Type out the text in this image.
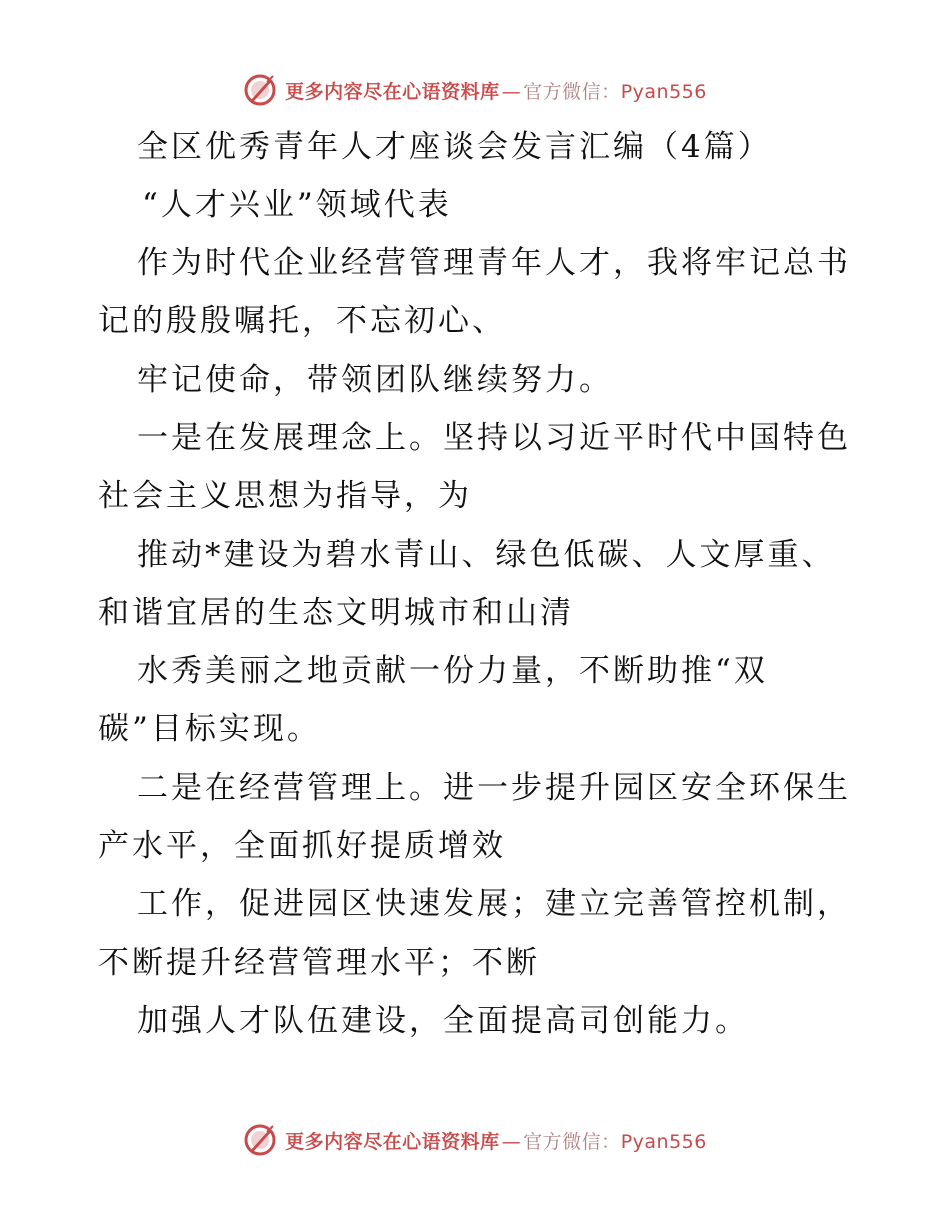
更多内容尽在心语资料库 — 官方微信： Pyan556
全区优秀青年人才座谈会发言汇编（4篇）
“人才兴业”领域代表
作为时代企业经营管理青年人才，我将牢记总书
记的殷殷嘱托，不忘初心、
牢记使命，带领团队继续努力。
一是在发展理念上。坚持以习近平时代中国特色
社会主义思想为指导，为
推动*建设为碧水青山、绿色低碳、人文厚重、
和谐宜居的生态文明城市和山清
水秀美丽之地贡献一份力量，不断助推“双
碳”目标实现。
二是在经营管理上。进一步提升园区安全环保生
产水平，全面抓好提质增效
工作，促进园区快速发展；建立完善管控机制，
不断提升经营管理水平；不断
加强人才队伍建设，全面提高司创能力。
更多内容尽在心语资料库 — 官方微信： Pyan556
